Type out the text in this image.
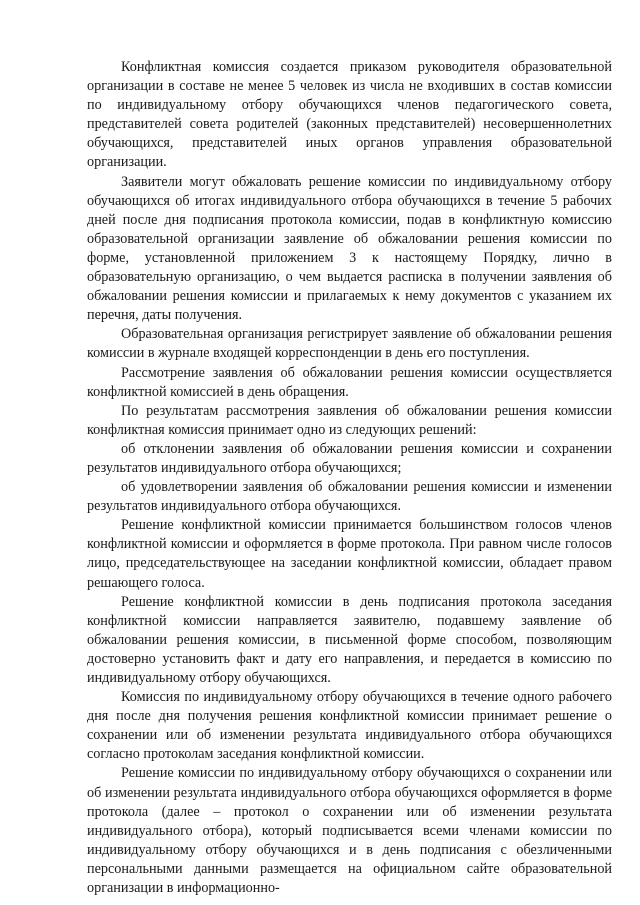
Конфликтная комиссия создается приказом руководителя образовательной организации в составе не менее 5 человек из числа не входивших в состав комиссии по индивидуальному отбору обучающихся членов педагогического совета, представителей совета родителей (законных представителей) несовершеннолетних обучающихся, представителей иных органов управления образовательной организации.

Заявители могут обжаловать решение комиссии по индивидуальному отбору обучающихся об итогах индивидуального отбора обучающихся в течение 5 рабочих дней после дня подписания протокола комиссии, подав в конфликтную комиссию образовательной организации заявление об обжаловании решения комиссии по форме, установленной приложением 3 к настоящему Порядку, лично в образовательную организацию, о чем выдается расписка в получении заявления об обжаловании решения комиссии и прилагаемых к нему документов с указанием их перечня, даты получения.

Образовательная организация регистрирует заявление об обжаловании решения комиссии в журнале входящей корреспонденции в день его поступления.

Рассмотрение заявления об обжаловании решения комиссии осуществляется конфликтной комиссией в день обращения.

По результатам рассмотрения заявления об обжаловании решения комиссии конфликтная комиссия принимает одно из следующих решений:

об отклонении заявления об обжаловании решения комиссии и сохранении результатов индивидуального отбора обучающихся;

об удовлетворении заявления об обжаловании решения комиссии и изменении результатов индивидуального отбора обучающихся.

Решение конфликтной комиссии принимается большинством голосов членов конфликтной комиссии и оформляется в форме протокола. При равном числе голосов лицо, председательствующее на заседании конфликтной комиссии, обладает правом решающего голоса.

Решение конфликтной комиссии в день подписания протокола заседания конфликтной комиссии направляется заявителю, подавшему заявление об обжаловании решения комиссии, в письменной форме способом, позволяющим достоверно установить факт и дату его направления, и передается в комиссию по индивидуальному отбору обучающихся.

Комиссия по индивидуальному отбору обучающихся в течение одного рабочего дня после дня получения решения конфликтной комиссии принимает решение о сохранении или об изменении результата индивидуального отбора обучающихся согласно протоколам заседания конфликтной комиссии.

Решение комиссии по индивидуальному отбору обучающихся о сохранении или об изменении результата индивидуального отбора обучающихся оформляется в форме протокола (далее – протокол о сохранении или об изменении результата индивидуального отбора), который подписывается всеми членами комиссии по индивидуальному отбору обучающихся и в день подписания с обезличенными персональными данными размещается на официальном сайте образовательной организации в информационно-
